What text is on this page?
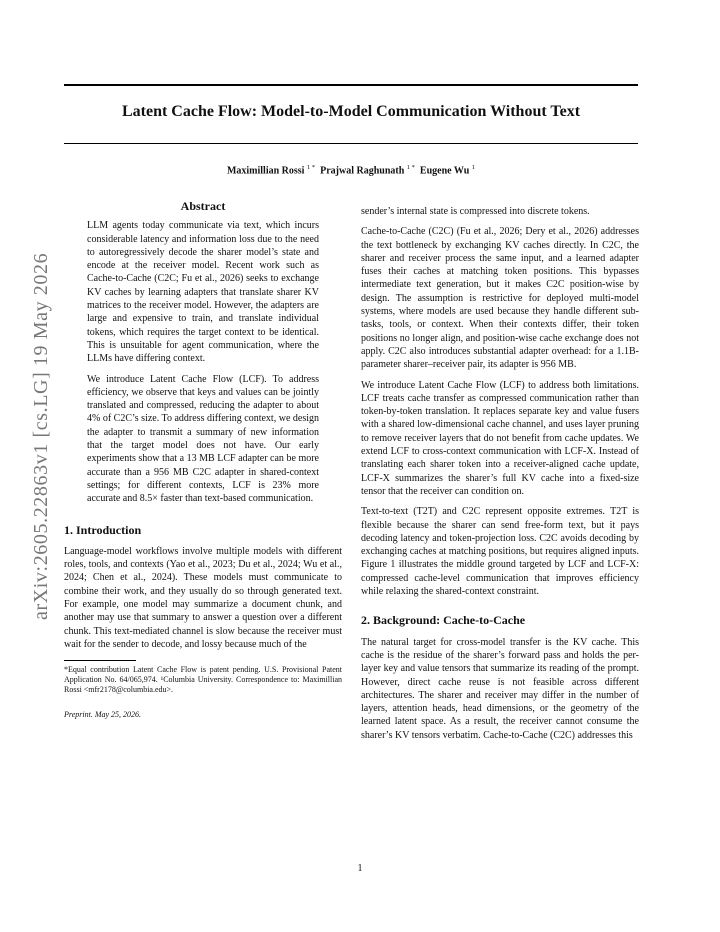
Latent Cache Flow: Model-to-Model Communication Without Text
Maximillian Rossi $^{1 *}$ Prajwal Raghunath $^{1 *}$ Eugene Wu $^1$
arXiv:2605.22863v1 [cs.LG] 19 May 2026
Abstract

LLM agents today communicate via text, which incurs considerable latency and information loss due to the need to autoregressively decode the sharer model’s state and encode at the receiver model. Recent work such as Cache-to-Cache (C2C; Fu et al., 2026) seeks to exchange KV caches by learning adapters that translate sharer KV matrices to the receiver model. However, the adapters are large and expensive to train, and translate individual tokens, which requires the target context to be identical. This is unsuitable for agent communication, where the LLMs have differing context.

We introduce Latent Cache Flow (LCF). To address efficiency, we observe that keys and values can be jointly translated and compressed, reducing the adapter to about 4% of C2C’s size. To address differing context, we design the adapter to transmit a summary of new information that the target model does not have. Our early experiments show that a 13 MB LCF adapter can be more accurate than a 956 MB C2C adapter in shared-context settings; for different contexts, LCF is 23% more accurate and 8.5× faster than text-based communication.

1. Introduction

Language-model workflows involve multiple models with different roles, tools, and contexts (Yao et al., 2023; Du et al., 2024; Wu et al., 2024; Chen et al., 2024). These models must communicate to combine their work, and they usually do so through generated text. For example, one model may summarize a document chunk, and another may use that summary to answer a question over a different chunk. This text-mediated channel is slow because the receiver must wait for the sender to decode, and lossy because much of the

*Equal contribution Latent Cache Flow is patent pending. U.S. Provisional Patent Application No. 64/065,974. ¹Columbia University. Correspondence to: Maximillian Rossi <mfr2178@columbia.edu>.
Preprint. May 25, 2026.

sender’s internal state is compressed into discrete tokens.

Cache-to-Cache (C2C) (Fu et al., 2026; Dery et al., 2026) addresses the text bottleneck by exchanging KV caches directly. In C2C, the sharer and receiver process the same input, and a learned adapter fuses their caches at matching token positions. This bypasses intermediate text generation, but it makes C2C position-wise by design. The assumption is restrictive for deployed multi-model systems, where models are used because they handle different sub-tasks, tools, or context. When their contexts differ, their token positions no longer align, and position-wise cache exchange does not apply. C2C also introduces substantial adapter overhead: for a 1.1B-parameter sharer–receiver pair, its adapter is 956 MB.

We introduce Latent Cache Flow (LCF) to address both limitations. LCF treats cache transfer as compressed communication rather than token-by-token translation. It replaces separate key and value fusers with a shared low-dimensional cache channel, and uses layer pruning to remove receiver layers that do not benefit from cache updates. We extend LCF to cross-context communication with LCF-X. Instead of translating each sharer token into a receiver-aligned cache update, LCF-X summarizes the sharer’s full KV cache into a fixed-size tensor that the receiver can condition on.

Text-to-text (T2T) and C2C represent opposite extremes. T2T is flexible because the sharer can send free-form text, but it pays decoding latency and token-projection loss. C2C avoids decoding by exchanging caches at matching positions, but requires aligned inputs. Figure 1 illustrates the middle ground targeted by LCF and LCF-X: compressed cache-level communication that improves efficiency while relaxing the shared-context constraint.

2. Background: Cache-to-Cache

The natural target for cross-model transfer is the KV cache. This cache is the residue of the sharer’s forward pass and holds the per-layer key and value tensors that summarize its reading of the prompt. However, direct cache reuse is not feasible across different architectures. The sharer and receiver may differ in the number of layers, attention heads, head dimensions, or the geometry of the learned latent space. As a result, the receiver cannot consume the sharer’s KV tensors verbatim. Cache-to-Cache (C2C) addresses this

1
